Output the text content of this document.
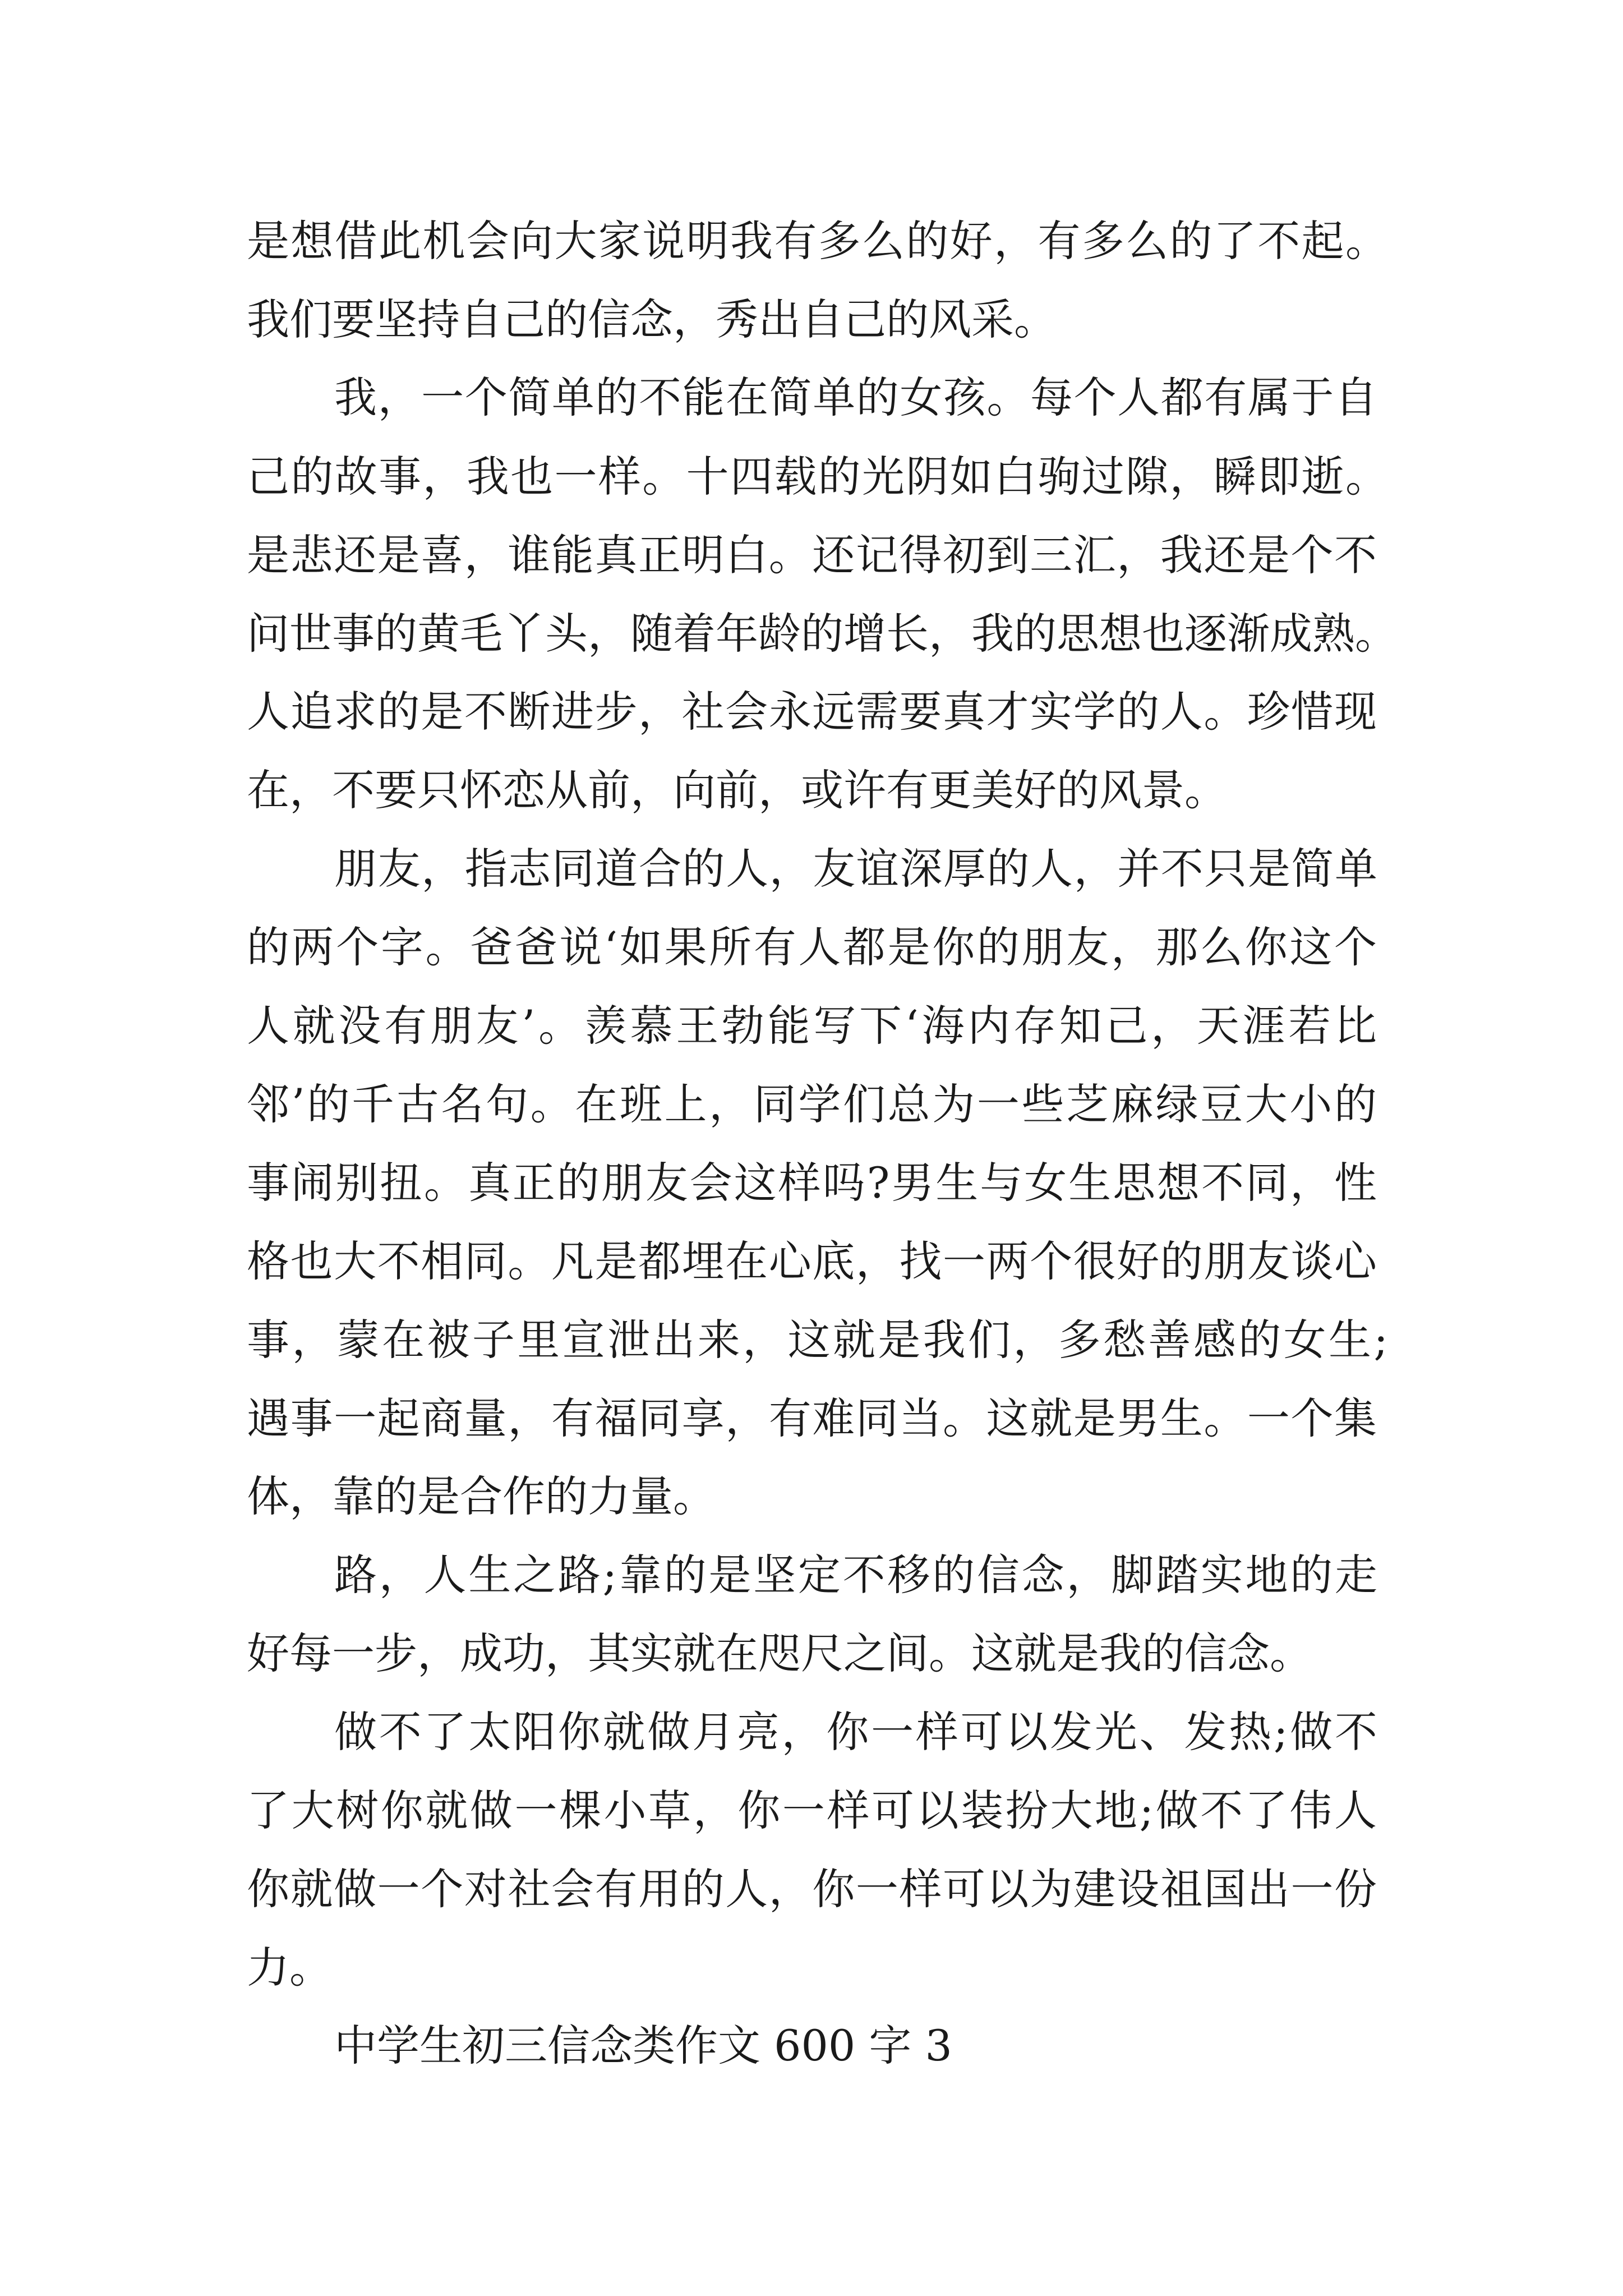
是想借此机会向大家说明我有多么的好，有多么的了不起。
我们要坚持自己的信念，秀出自己的风采。
我，一个简单的不能在简单的女孩。每个人都有属于自
己的故事，我也一样。十四载的光阴如白驹过隙，瞬即逝。
是悲还是喜，谁能真正明白。还记得初到三汇，我还是个不
问世事的黄毛丫头，随着年龄的增长，我的思想也逐渐成熟。
人追求的是不断进步，社会永远需要真才实学的人。珍惜现
在，不要只怀恋从前，向前，或许有更美好的风景。
朋友，指志同道合的人，友谊深厚的人，并不只是简单
的两个字。爸爸说‘如果所有人都是你的朋友，那么你这个
人就没有朋友’。羡慕王勃能写下‘海内存知己，天涯若比
邻’的千古名句。在班上，同学们总为一些芝麻绿豆大小的
事闹别扭。真正的朋友会这样吗?男生与女生思想不同，性
格也大不相同。凡是都埋在心底，找一两个很好的朋友谈心
事，蒙在被子里宣泄出来，这就是我们，多愁善感的女生;
遇事一起商量，有福同享，有难同当。这就是男生。一个集
体，靠的是合作的力量。
路，人生之路;靠的是坚定不移的信念，脚踏实地的走
好每一步，成功，其实就在咫尺之间。这就是我的信念。
做不了太阳你就做月亮，你一样可以发光、发热;做不
了大树你就做一棵小草，你一样可以装扮大地;做不了伟人
你就做一个对社会有用的人，你一样可以为建设祖国出一份
力。
中学生初三信念类作文 600 字 3
